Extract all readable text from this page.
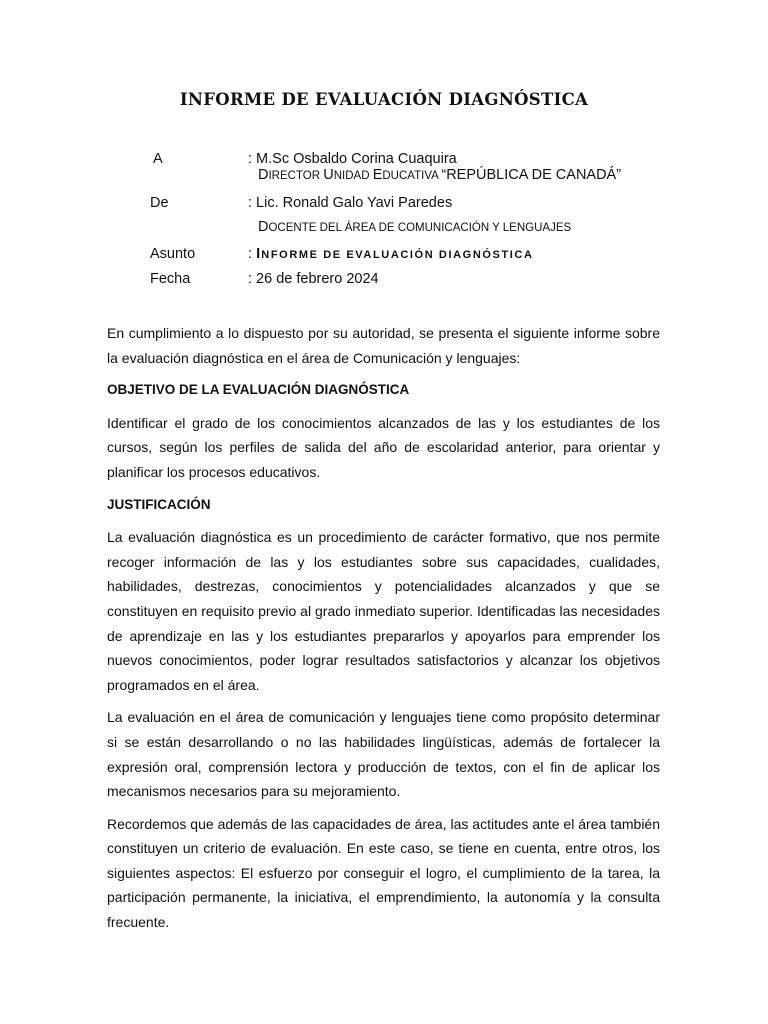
INFORME DE EVALUACIÓN DIAGNÓSTICA
A	: M.Sc Osbaldo Corina Cuaquira
DIRECTOR UNIDAD EDUCATIVA “REPÚBLICA DE CANADÁ”
De	: Lic. Ronald Galo Yavi Paredes
DOCENTE DEL ÁREA DE COMUNICACIÓN Y LENGUAJES
Asunto	: INFORME DE EVALUACIÓN DIAGNÓSTICA
Fecha	: 26 de febrero 2024

En cumplimiento a lo dispuesto por su autoridad, se presenta el siguiente informe sobre la evaluación diagnóstica en el área de Comunicación y lenguajes:

OBJETIVO DE LA EVALUACIÓN DIAGNÓSTICA

Identificar el grado de los conocimientos alcanzados de las y los estudiantes de los cursos, según los perfiles de salida del año de escolaridad anterior, para orientar y planificar los procesos educativos.

JUSTIFICACIÓN

La evaluación diagnóstica es un procedimiento de carácter formativo, que nos permite recoger información de las y los estudiantes sobre sus capacidades, cualidades, habilidades, destrezas, conocimientos y potencialidades alcanzados y que se constituyen en requisito previo al grado inmediato superior. Identificadas las necesidades de aprendizaje en las y los estudiantes prepararlos y apoyarlos para emprender los nuevos conocimientos, poder lograr resultados satisfactorios y alcanzar los objetivos programados en el área.

La evaluación en el área de comunicación y lenguajes tiene como propósito determinar si se están desarrollando o no las habilidades lingüísticas, además de fortalecer la expresión oral, comprensión lectora y producción de textos, con el fin de aplicar los mecanismos necesarios para su mejoramiento.

Recordemos que además de las capacidades de área, las actitudes ante el área también constituyen un criterio de evaluación. En este caso, se tiene en cuenta, entre otros, los siguientes aspectos: El esfuerzo por conseguir el logro, el cumplimiento de la tarea, la participación permanente, la iniciativa, el emprendimiento, la autonomía y la consulta frecuente.
